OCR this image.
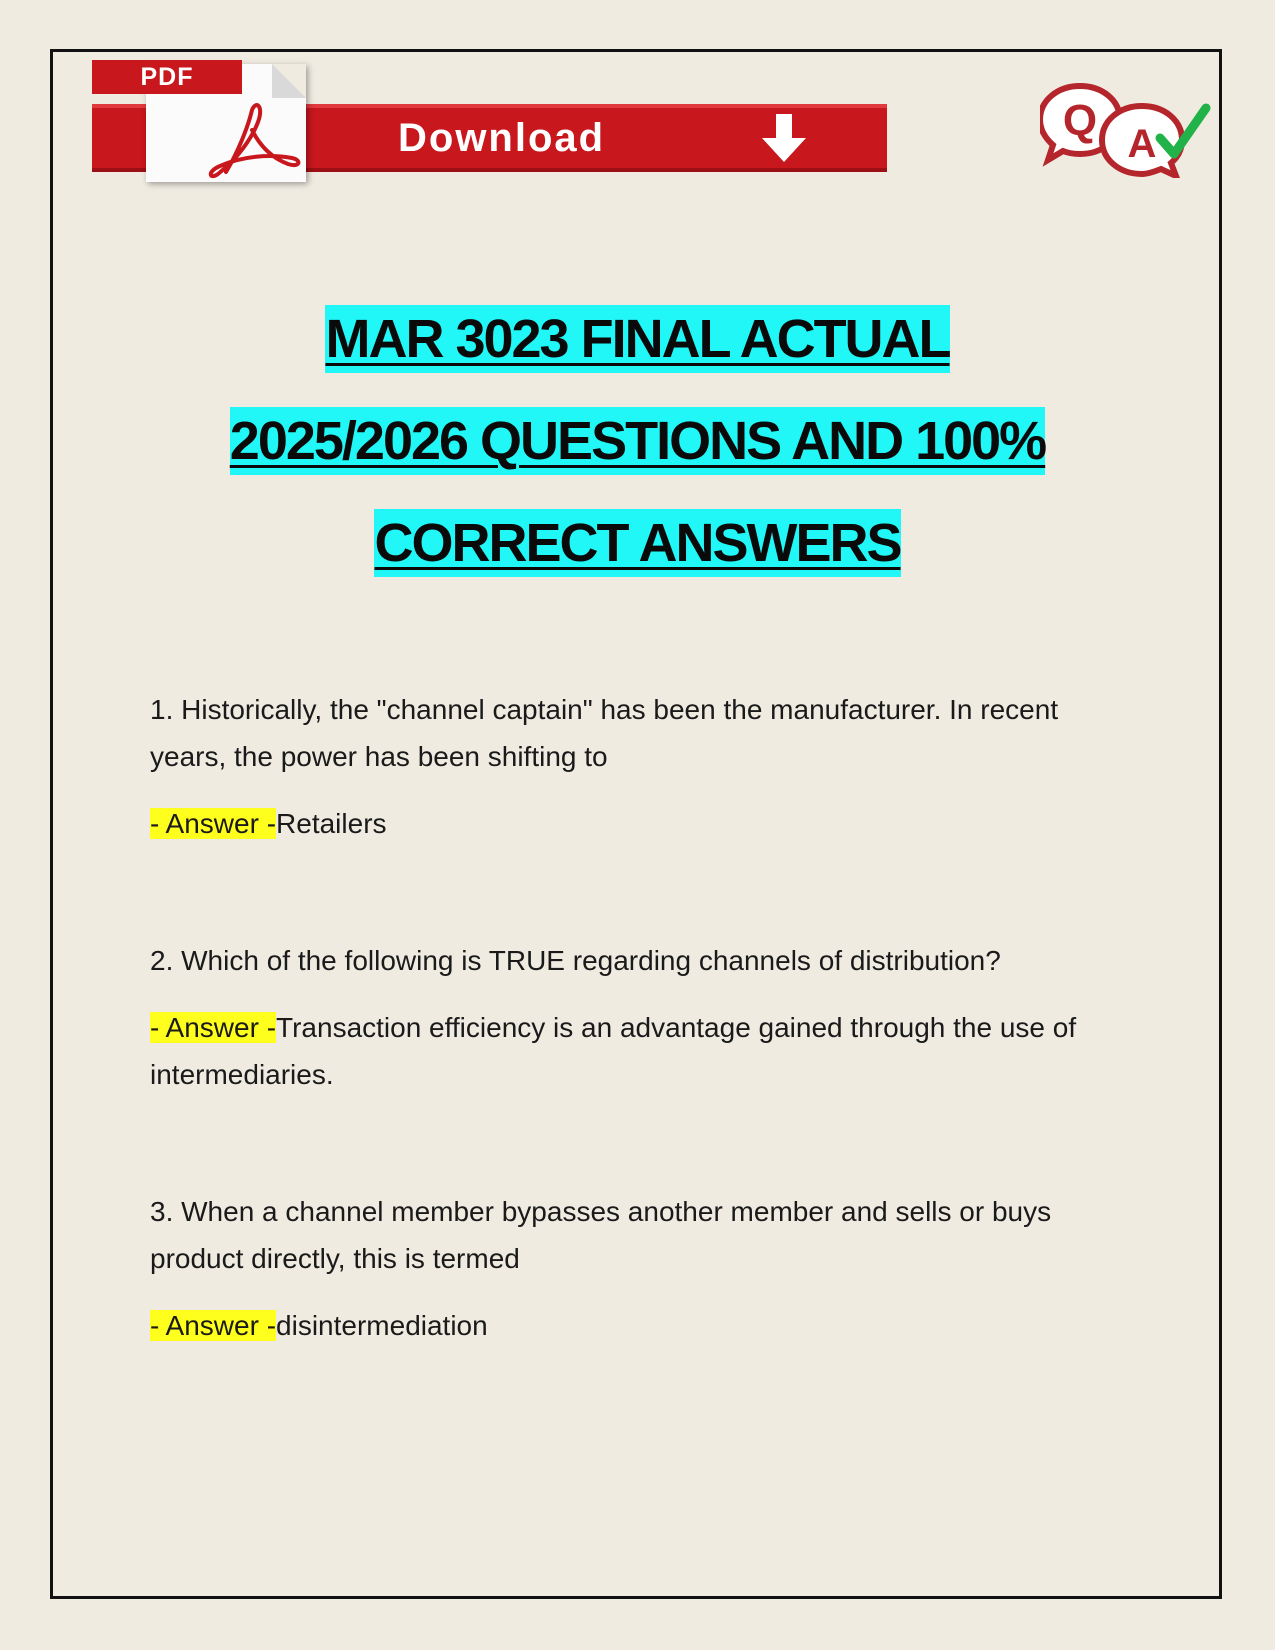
PDF
Download	Q A
MAR 3023 FINAL ACTUAL
2025/2026 QUESTIONS AND 100%
CORRECT ANSWERS

1. Historically, the "channel captain" has been the manufacturer. In recent years, the power has been shifting to

- Answer -Retailers

2. Which of the following is TRUE regarding channels of distribution?

- Answer -Transaction efficiency is an advantage gained through the use of intermediaries.

3. When a channel member bypasses another member and sells or buys product directly, this is termed

- Answer -disintermediation
